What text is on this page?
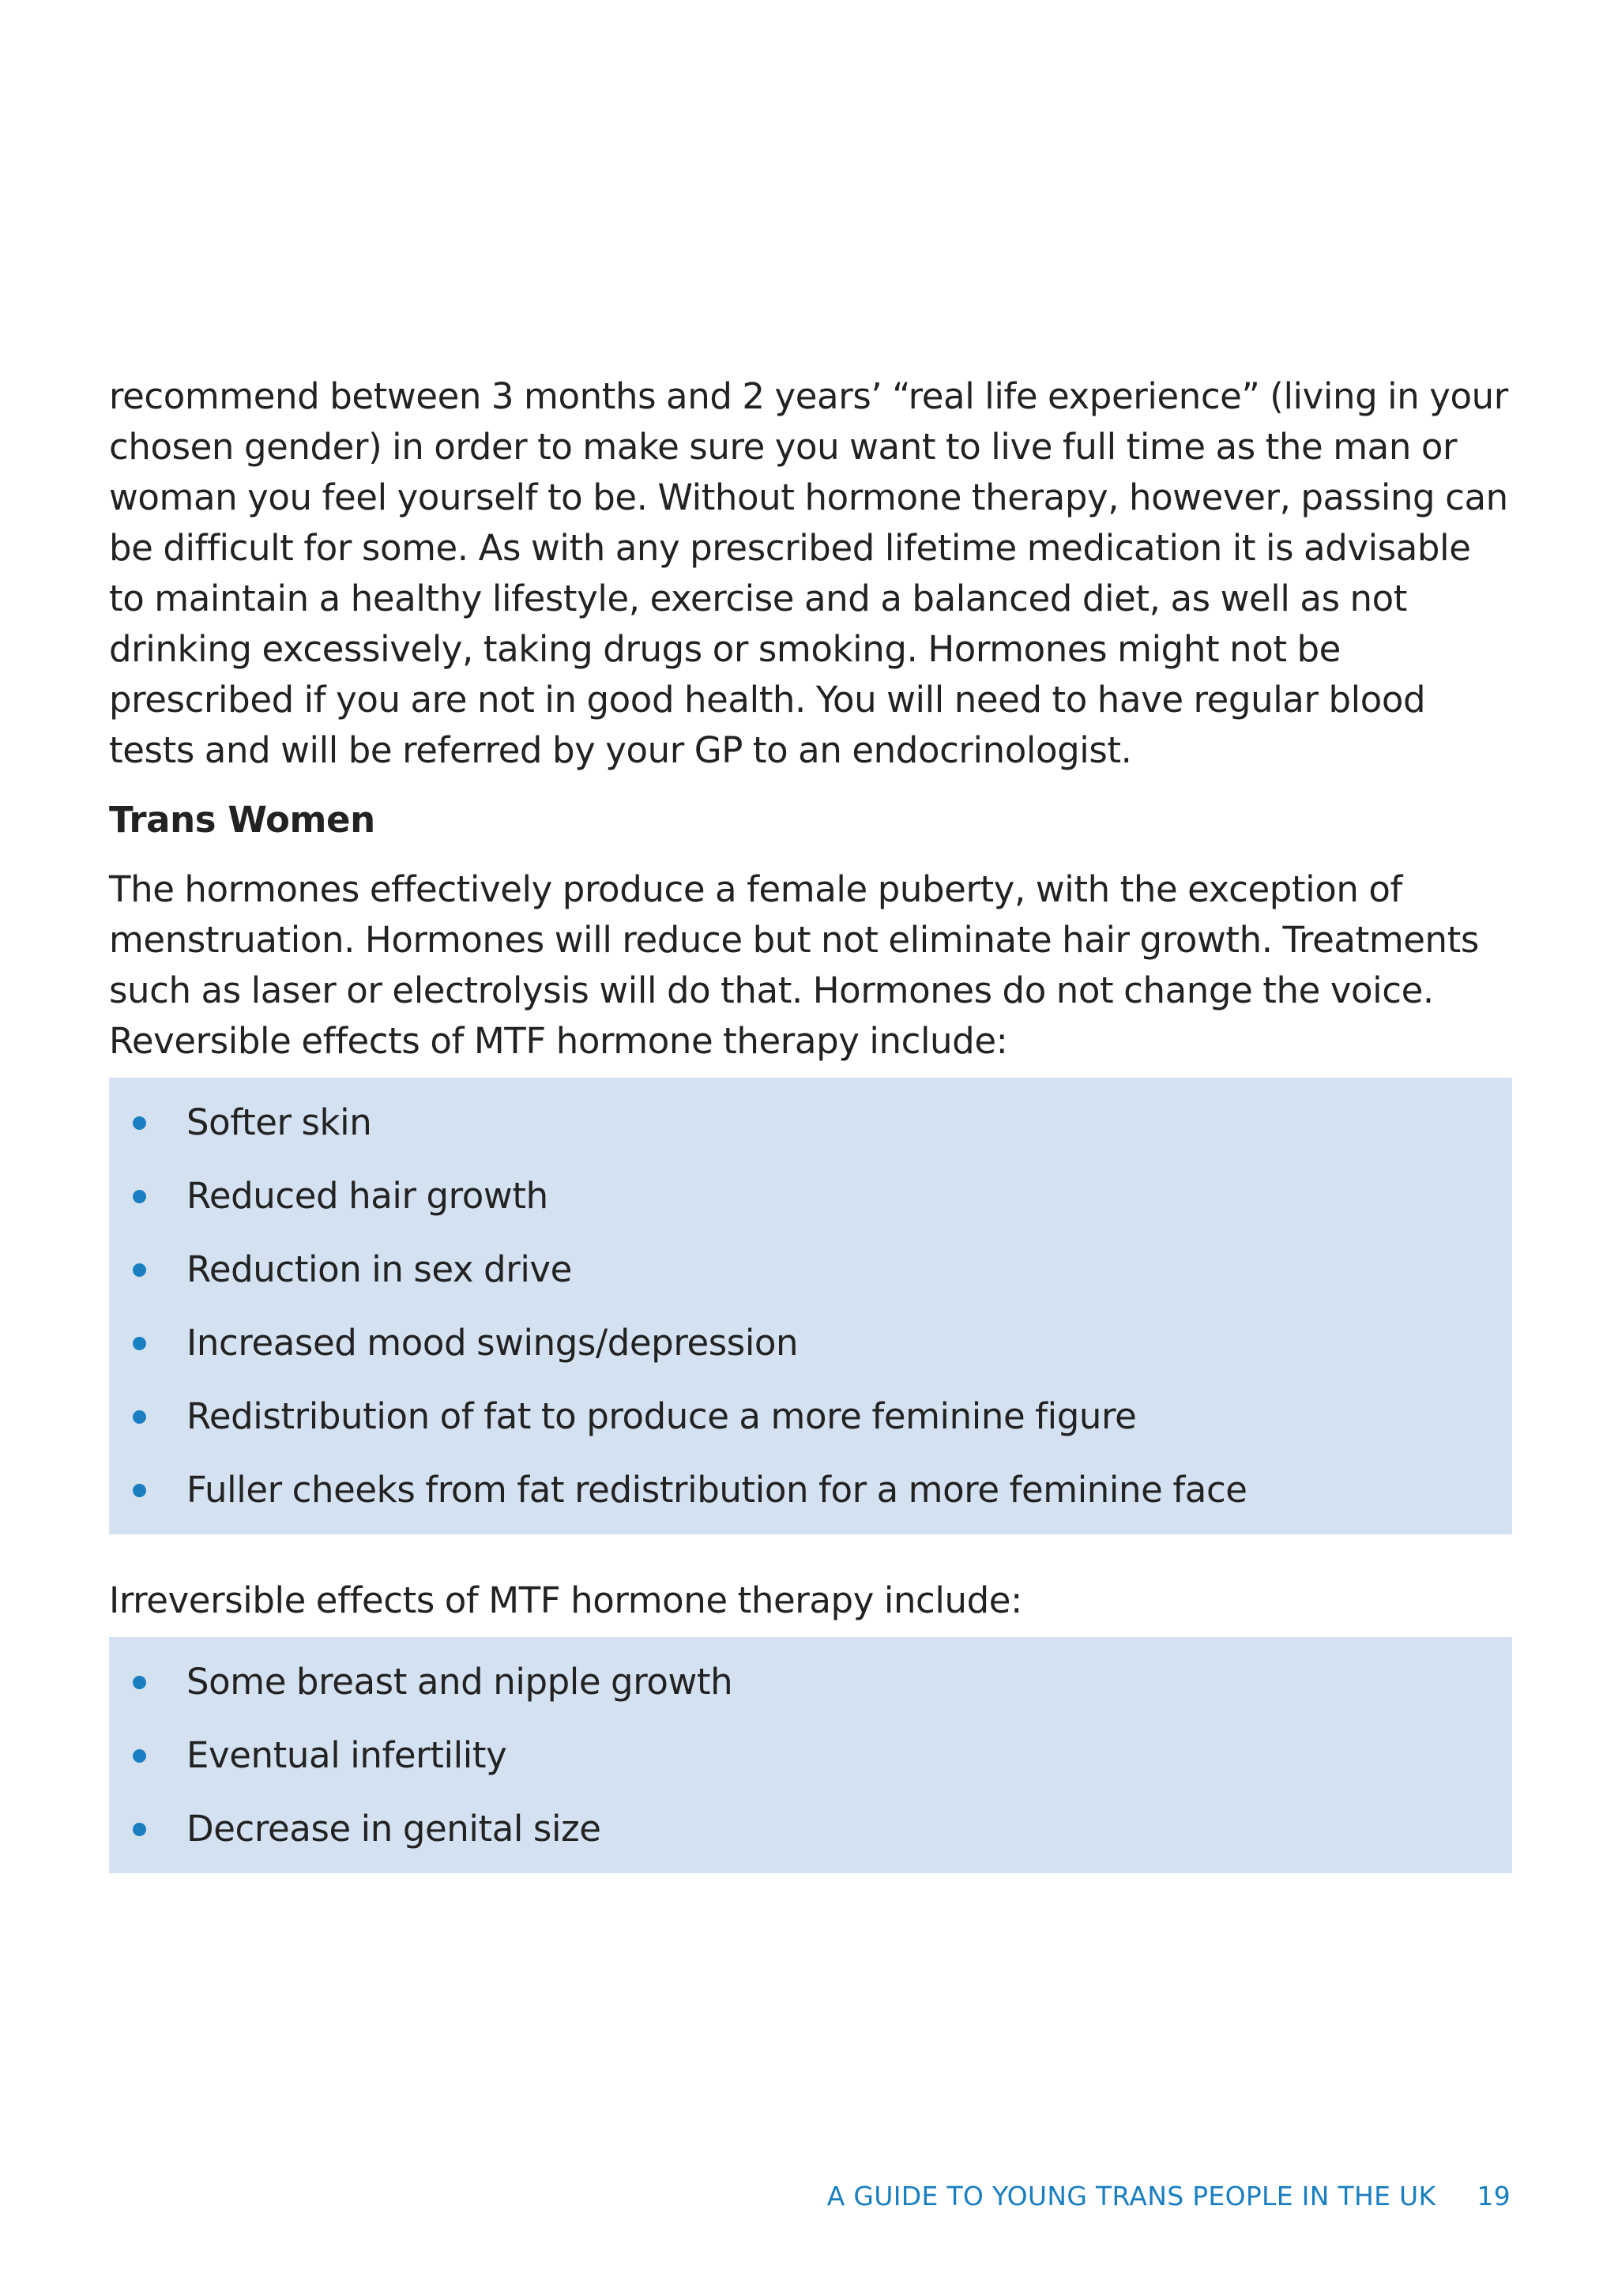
recommend between 3 months and 2 years’ “real life experience” (living in your chosen gender) in order to make sure you want to live full time as the man or woman you feel yourself to be. Without hormone therapy, however, passing can be difficult for some. As with any prescribed lifetime medication it is advisable to maintain a healthy lifestyle, exercise and a balanced diet, as well as not drinking excessively, taking drugs or smoking. Hormones might not be prescribed if you are not in good health. You will need to have regular blood tests and will be referred by your GP to an endocrinologist.

Trans Women

The hormones effectively produce a female puberty, with the exception of menstruation. Hormones will reduce but not eliminate hair growth. Treatments such as laser or electrolysis will do that. Hormones do not change the voice. Reversible effects of MTF hormone therapy include:

Softer skin
Reduced hair growth
Reduction in sex drive
Increased mood swings/depression
Redistribution of fat to produce a more feminine figure
Fuller cheeks from fat redistribution for a more feminine face

Irreversible effects of MTF hormone therapy include:

Some breast and nipple growth
Eventual infertility
Decrease in genital size
A GUIDE TO YOUNG TRANS PEOPLE IN THE UK 19
